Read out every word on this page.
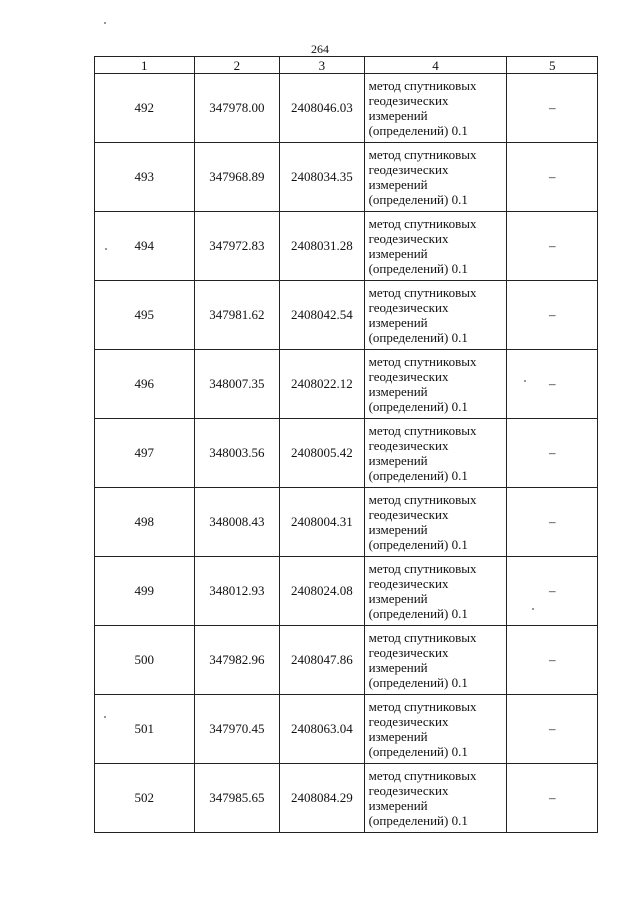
264
1	2	3	4	5
492	347978.00	2408046.03	метод спутниковых
геодезических
измерений
(определений) 0.1	–
493	347968.89	2408034.35	метод спутниковых
геодезических
измерений
(определений) 0.1	–
494	347972.83	2408031.28	метод спутниковых
геодезических
измерений
(определений) 0.1	–
495	347981.62	2408042.54	метод спутниковых
геодезических
измерений
(определений) 0.1	–
496	348007.35	2408022.12	метод спутниковых
геодезических
измерений
(определений) 0.1	–
497	348003.56	2408005.42	метод спутниковых
геодезических
измерений
(определений) 0.1	–
498	348008.43	2408004.31	метод спутниковых
геодезических
измерений
(определений) 0.1	–
499	348012.93	2408024.08	метод спутниковых
геодезических
измерений
(определений) 0.1	–
500	347982.96	2408047.86	метод спутниковых
геодезических
измерений
(определений) 0.1	–
501	347970.45	2408063.04	метод спутниковых
геодезических
измерений
(определений) 0.1	–
502	347985.65	2408084.29	метод спутниковых
геодезических
измерений
(определений) 0.1	–
